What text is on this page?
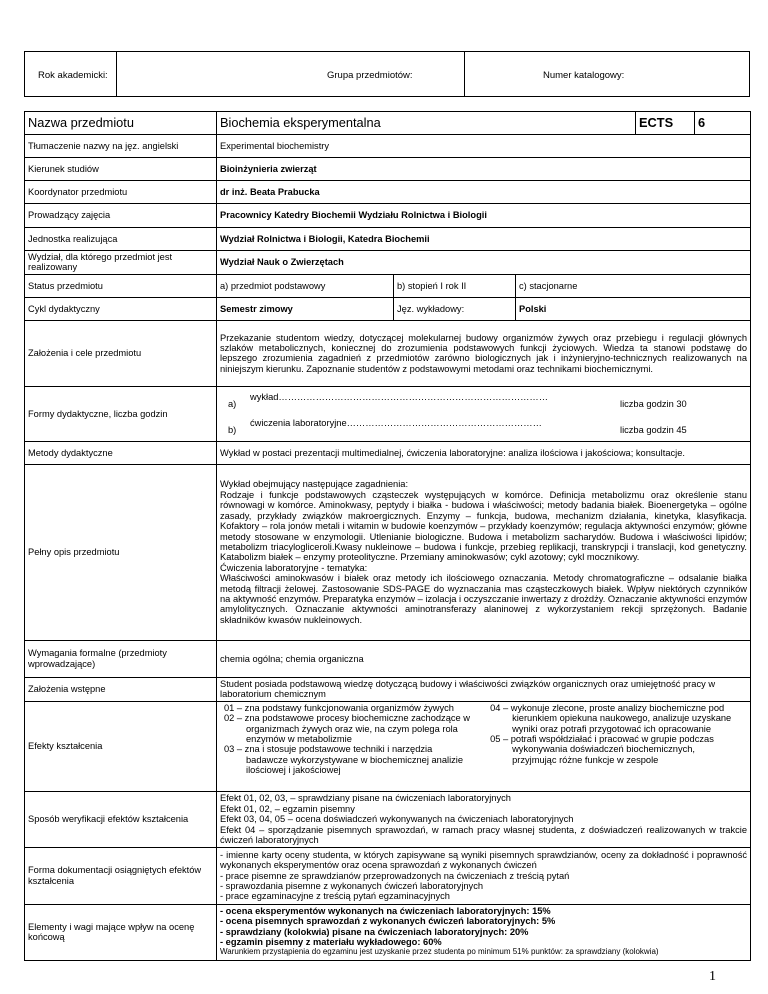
Rok akademicki:	Grupa przedmiotów:	Numer katalogowy:
Nazwa przedmiotu	Biochemia eksperymentalna			ECTS	6
Tłumaczenie nazwy na jęz. angielski	Experimental biochemistry				
Kierunek studiów	Bioinżynieria zwierząt				
Koordynator przedmiotu	dr inż. Beata Prabucka				
Prowadzący zajęcia	Pracownicy Katedry Biochemii Wydziału Rolnictwa i Biologii				
Jednostka realizująca	Wydział Rolnictwa i Biologii, Katedra Biochemii				
Wydział, dla którego przedmiot jest realizowany	Wydział Nauk o Zwierzętach				
Status przedmiotu	a) przedmiot podstawowy	b) stopień I rok II	c) stacjonarne		
Cykl dydaktyczny	Semestr zimowy	Jęz. wykładowy:	Polski		
Założenia i cele przedmiotu	Przekazanie studentom wiedzy, dotyczącej molekularnej budowy organizmów żywych oraz przebiegu i regulacji głównych szlaków metabolicznych, koniecznej do zrozumienia podstawowych funkcji życiowych. Wiedza ta stanowi podstawę do lepszego zrozumienia zagadnień z przedmiotów zarówno biologicznych jak i inżynieryjno-technicznych realizowanych na niniejszym kierunku. Zapoznanie studentów z podstawowymi metodami oraz technikami biochemicznymi.				
Formy dydaktyczne, liczba godzin	a)wykład……………………………………………………………………………liczba godzin 30
b)ćwiczenia laboratoryjne………………………………………………………liczba godzin 45				

Metody dydaktyczne	Wykład w postaci prezentacji multimedialnej, ćwiczenia laboratoryjne: analiza ilościowa i jakościowa; konsultacje.				
Pełny opis przedmiotu	Wykład obejmujący następujące zagadnienia:
Rodzaje i funkcje podstawowych cząsteczek występujących w komórce. Definicja metabolizmu oraz określenie stanu równowagi w komórce. Aminokwasy, peptydy i białka - budowa i właściwości; metody badania białek. Bioenergetyka – ogólne zasady, przykłady związków makroergicznych. Enzymy – funkcja, budowa, mechanizm działania, kinetyka, klasyfikacja. Kofaktory – rola jonów metali i witamin w budowie koenzymów – przykłady koenzymów; regulacja aktywności enzymów; główne metody stosowane w enzymologii. Utlenianie biologiczne. Budowa i metabolizm sacharydów. Budowa i właściwości lipidów; metabolizm triacylogliceroli.Kwasy nukleinowe – budowa i funkcje, przebieg replikacji, transkrypcji i translacji, kod genetyczny. Katabolizm białek – enzymy proteolityczne. Przemiany aminokwasów; cykl azotowy; cykl mocznikowy.
Ćwiczenia laboratoryjne - tematyka:
Właściwości aminokwasów i białek oraz metody ich ilościowego oznaczania. Metody chromatograficzne – odsalanie białka metodą filtracji żelowej. Zastosowanie SDS-PAGE do wyznaczania mas cząsteczkowych białek. Wpływ niektórych czynników na aktywność enzymów. Preparatyka enzymów – izolacja i oczyszczanie inwertazy z drożdży. Oznaczanie aktywności enzymów amylolitycznych. Oznaczanie aktywności aminotransferazy alaninowej z wykorzystaniem rekcji sprzężonych. Badanie składników kwasów nukleinowych.				

Wymagania formalne (przedmioty wprowadzające)	chemia ogólna; chemia organiczna				
Założenia wstępne	Student posiada podstawową wiedzę dotyczącą budowy i właściwości związków organicznych oraz umiejętność pracy w laboratorium chemicznym				
Efekty kształcenia	01 – zna podstawy funkcjonowania organizmów żywych

02 – zna podstawowe procesy biochemiczne zachodzące w organizmach żywych oraz wie, na czym polega rola enzymów w metabolizmie

03 – zna i stosuje podstawowe techniki i narzędzia badawcze wykorzystywane w biochemicznej analizie ilościowej i jakościowej

04 – wykonuje zlecone, proste analizy biochemiczne pod kierunkiem opiekuna naukowego, analizuje uzyskane wyniki oraz potrafi przygotować ich opracowanie

05 – potrafi współdziałać i pracować w grupie podczas wykonywania doświadczeń biochemicznych, przyjmując różne funkcje w zespole				

Sposób weryfikacji efektów kształcenia	Efekt 01, 02, 03, – sprawdziany pisane na ćwiczeniach laboratoryjnych
Efekt 01, 02, – egzamin pisemny
Efekt 03, 04, 05 – ocena doświadczeń wykonywanych na ćwiczeniach laboratoryjnych
Efekt 04 – sporządzanie pisemnych sprawozdań, w ramach pracy własnej studenta, z doświadczeń realizowanych w trakcie ćwiczeń laboratoryjnych				

Forma dokumentacji osiągniętych efektów kształcenia	- imienne karty oceny studenta, w których zapisywane są wyniki pisemnych sprawdzianów, oceny za dokładność i poprawność wykonanych eksperymentów oraz ocena sprawozdań z wykonanych ćwiczeń
- prace pisemne ze sprawdzianów przeprowadzonych na ćwiczeniach z treścią pytań
- sprawozdania pisemne z wykonanych ćwiczeń laboratoryjnych
- prace egzaminacyjne z treścią pytań egzaminacyjnych				

Elementy i wagi mające wpływ na ocenę końcową	- ocena eksperymentów wykonanych na ćwiczeniach laboratoryjnych: 15%
- ocena pisemnych sprawozdań z wykonanych ćwiczeń laboratoryjnych: 5%
- sprawdziany (kolokwia) pisane na ćwiczeniach laboratoryjnych: 20%
- egzamin pisemny z materiału wykładowego: 60%
Warunkiem przystąpienia do egzaminu jest uzyskanie przez studenta po minimum 51% punktów: za sprawdziany (kolokwia)				
1
